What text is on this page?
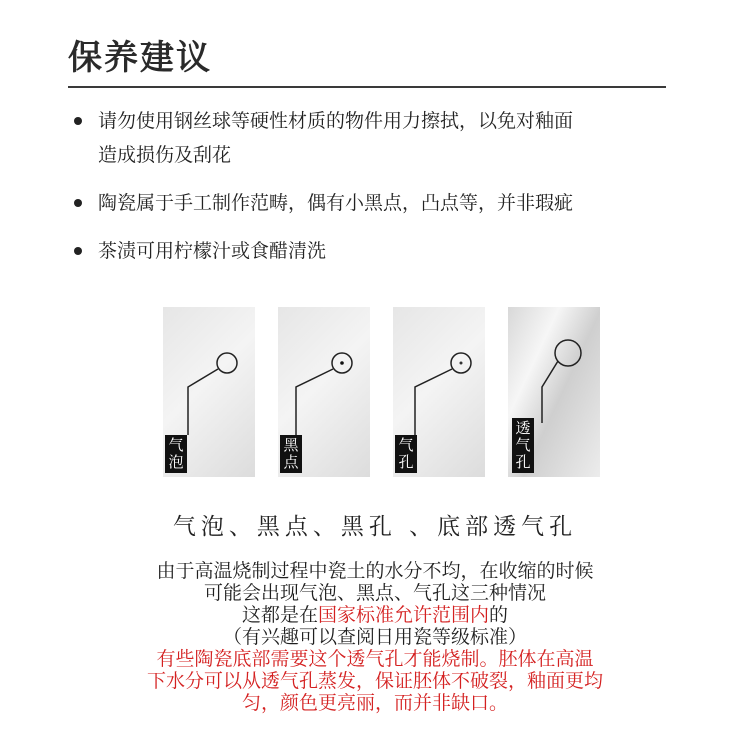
保养建议
请勿使用钢丝球等硬性材质的物件用力擦拭，以免对釉面
造成损伤及刮花
陶瓷属于手工制作范畴，偶有小黑点，凸点等，并非瑕疵
茶渍可用柠檬汁或食醋清洗
气
泡
黑
点
气
孔
透
气
孔
气泡、黑点、黑孔 、底部透气孔
由于高温烧制过程中瓷土的水分不均，在收缩的时候
可能会出现气泡、黑点、气孔这三种情况
这都是在国家标准允许范围内的
（有兴趣可以查阅日用瓷等级标准）
有些陶瓷底部需要这个透气孔才能烧制。胚体在高温
下水分可以从透气孔蒸发，保证胚体不破裂，釉面更均
匀，颜色更亮丽，而并非缺口。
